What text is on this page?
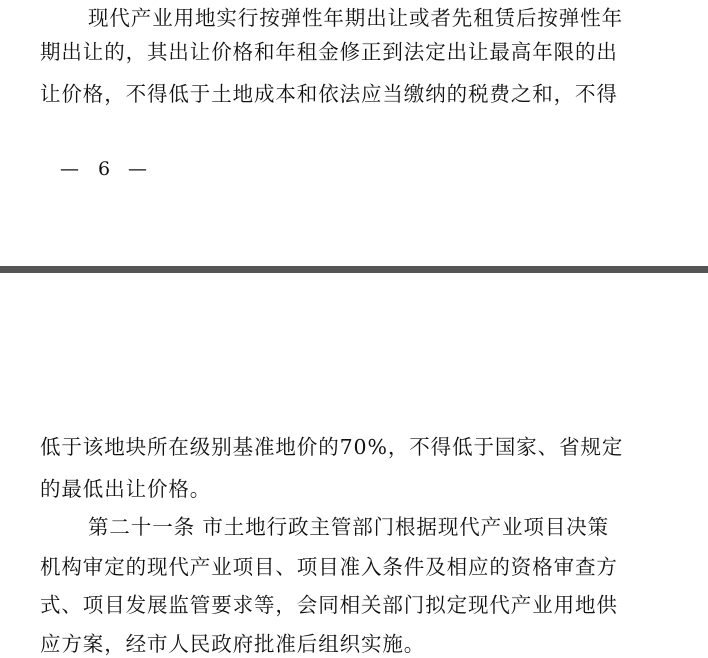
现代产业用地实行按弹性年期出让或者先租赁后按弹性年
期出让的，其出让价格和年租金修正到法定出让最高年限的出
让价格，不得低于土地成本和依法应当缴纳的税费之和，不得
— 6 —
低于该地块所在级别基准地价的70%，不得低于国家、省规定
的最低出让价格。
第二十一条 市土地行政主管部门根据现代产业项目决策
机构审定的现代产业项目、项目准入条件及相应的资格审查方
式、项目发展监管要求等，会同相关部门拟定现代产业用地供
应方案，经市人民政府批准后组织实施。
